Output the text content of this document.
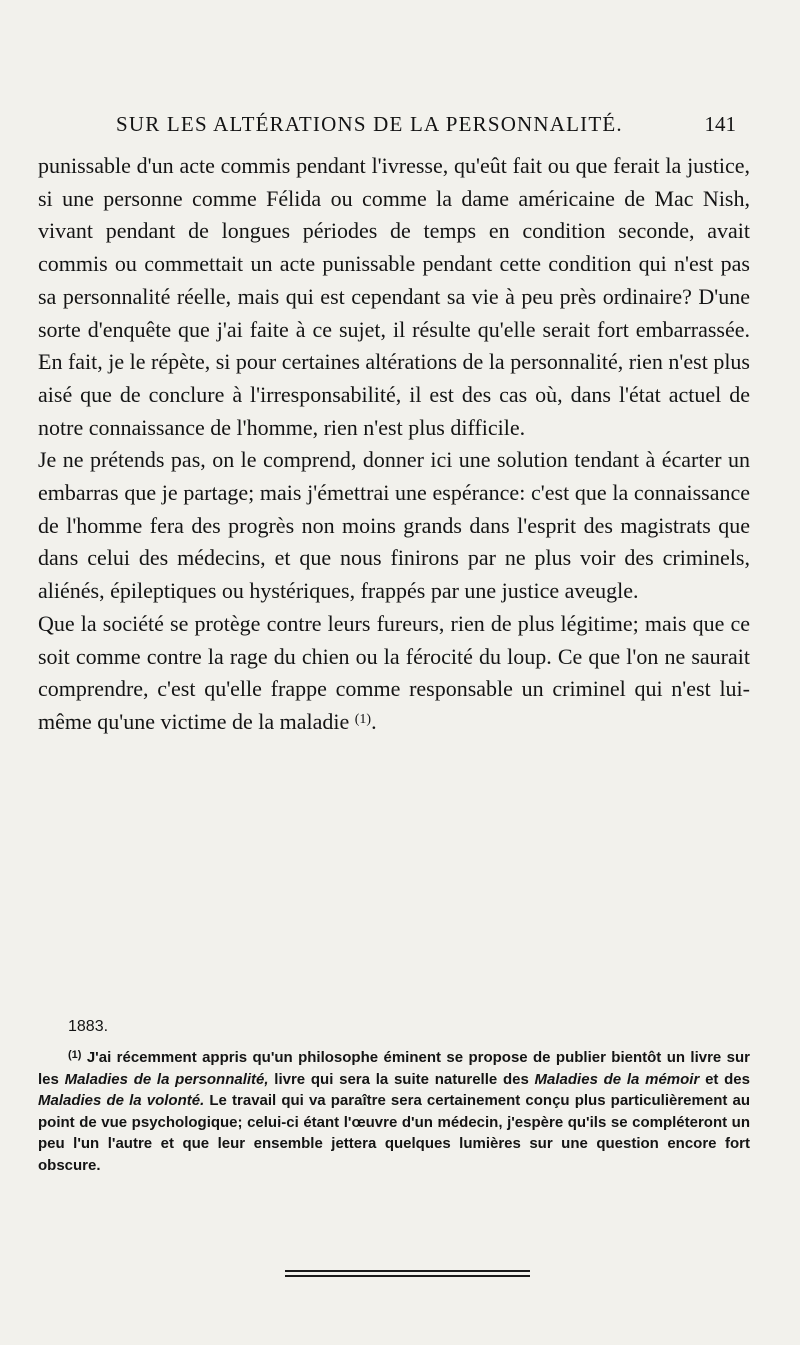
SUR LES ALTÉRATIONS DE LA PERSONNALITÉ.	141

punissable d'un acte commis pendant l'ivresse, qu'eût fait ou que ferait la justice, si une personne comme Félida ou comme la dame américaine de Mac Nish, vivant pendant de longues périodes de temps en condition seconde, avait commis ou commettait un acte punissable pendant cette condition qui n'est pas sa personnalité réelle, mais qui est cependant sa vie à peu près ordinaire? D'une sorte d'enquête que j'ai faite à ce sujet, il résulte qu'elle serait fort embarrassée. En fait, je le répète, si pour certaines altérations de la personnalité, rien n'est plus aisé que de conclure à l'irresponsabilité, il est des cas où, dans l'état actuel de notre connaissance de l'homme, rien n'est plus difficile.

Je ne prétends pas, on le comprend, donner ici une solution tendant à écarter un embarras que je partage; mais j'émettrai une espérance: c'est que la connaissance de l'homme fera des progrès non moins grands dans l'esprit des magistrats que dans celui des médecins, et que nous finirons par ne plus voir des criminels, aliénés, épileptiques ou hystériques, frappés par une justice aveugle.

Que la société se protège contre leurs fureurs, rien de plus légitime; mais que ce soit comme contre la rage du chien ou la férocité du loup. Ce que l'on ne saurait comprendre, c'est qu'elle frappe comme responsable un criminel qui n'est lui-même qu'une victime de la maladie $^{(1)}$.

1883.
$^{(1)}$ J'ai récemment appris qu'un philosophe éminent se propose de publier bientôt un livre sur les Maladies de la personnalité, livre qui sera la suite naturelle des Maladies de la mémoir et des Maladies de la volonté. Le travail qui va paraître sera certainement conçu plus particulièrement au point de vue psychologique; celui-ci étant l'œuvre d'un médecin, j'espère qu'ils se compléteront un peu l'un l'autre et que leur ensemble jettera quelques lumières sur une question encore fort obscure.
